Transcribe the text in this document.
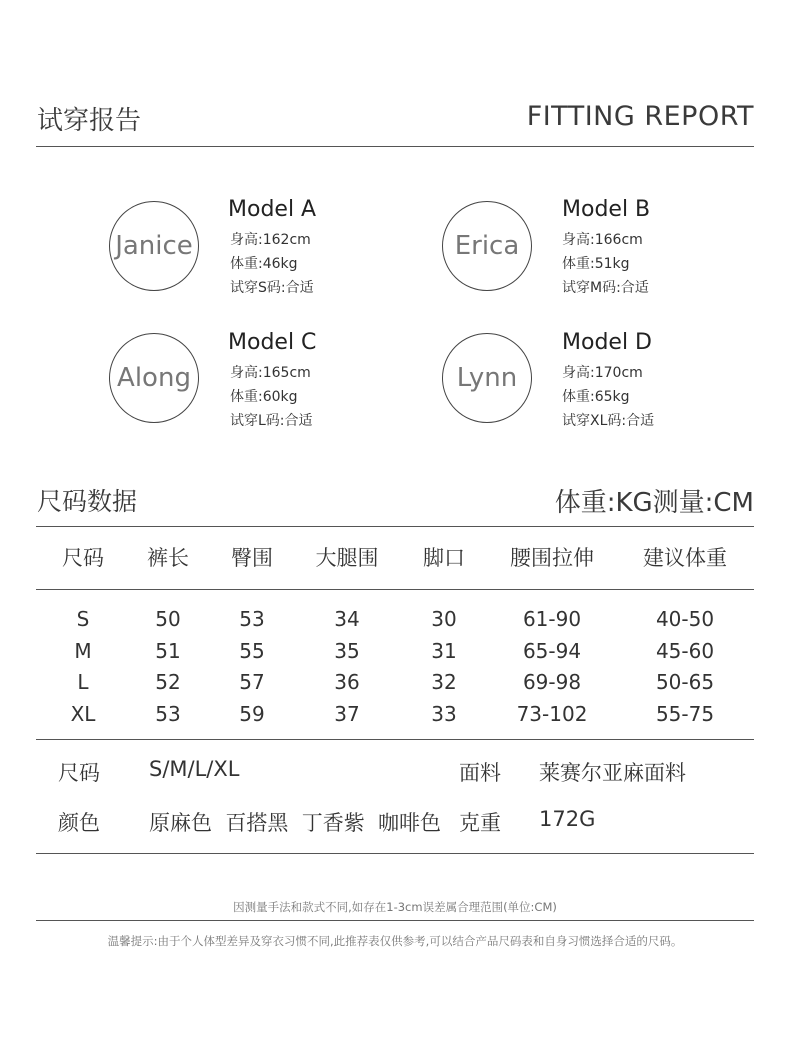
试穿报告	FITTING REPORT
Janice
Model A
身高:162cm
体重:46kg
试穿S码:合适
Erica
Model B
身高:166cm
体重:51kg
试穿M码:合适
Along
Model C
身高:165cm
体重:60kg
试穿L码:合适
Lynn
Model D
身高:170cm
体重:65kg
试穿XL码:合适
尺码数据	体重:KG测量:CM
尺码 裤长 臀围 大腿围 脚口 腰围拉伸 建议体重
S	50	53	34	30	61-90	40-50
M	51	55	35	31	65-94	45-60
L	52	57	36	32	69-98	50-65
XL	53	59	37	33	73-102	55-75
尺码 S/M/L/XL	面料 莱赛尔亚麻面料
颜色 原麻色  百搭黑  丁香紫  咖啡色 克重 172G
因测量手法和款式不同,如存在1-3cm误差属合理范围(单位:CM)
温馨提示:由于个人体型差异及穿衣习惯不同,此推荐表仅供参考,可以结合产品尺码表和自身习惯选择合适的尺码。
